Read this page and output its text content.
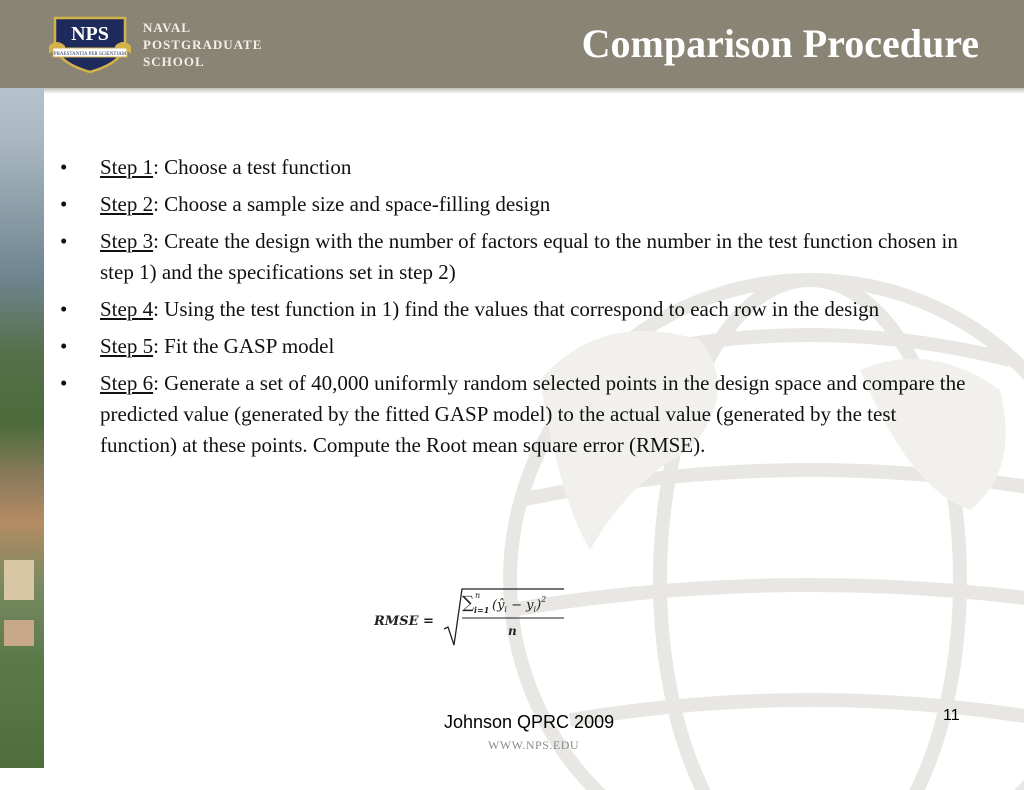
NPS
PRAESTANTIA PER SCIENTIAM
NAVAL
POSTGRADUATE
SCHOOL	Comparison Procedure
• Step 1: Choose a test function
• Step 2: Choose a sample size and space-filling design
• Step 3: Create the design with the number of factors equal to the number in the test function chosen in step 1) and the specifications set in step 2)
• Step 4: Using the test function in 1) find the values that correspond to each row in the design
• Step 5: Fit the GASP model
• Step 6: Generate a set of 40,000 uniformly random selected points in the design space and compare the predicted value (generated by the fitted GASP model) to the actual value (generated by the test function) at these points. Compute the Root mean square error (RMSE).
RMSE =
∑ n
i=1 $(ŷ_i - y_i)^2$
n
Johnson QPRC 2009
WWW.NPS.EDU
11
